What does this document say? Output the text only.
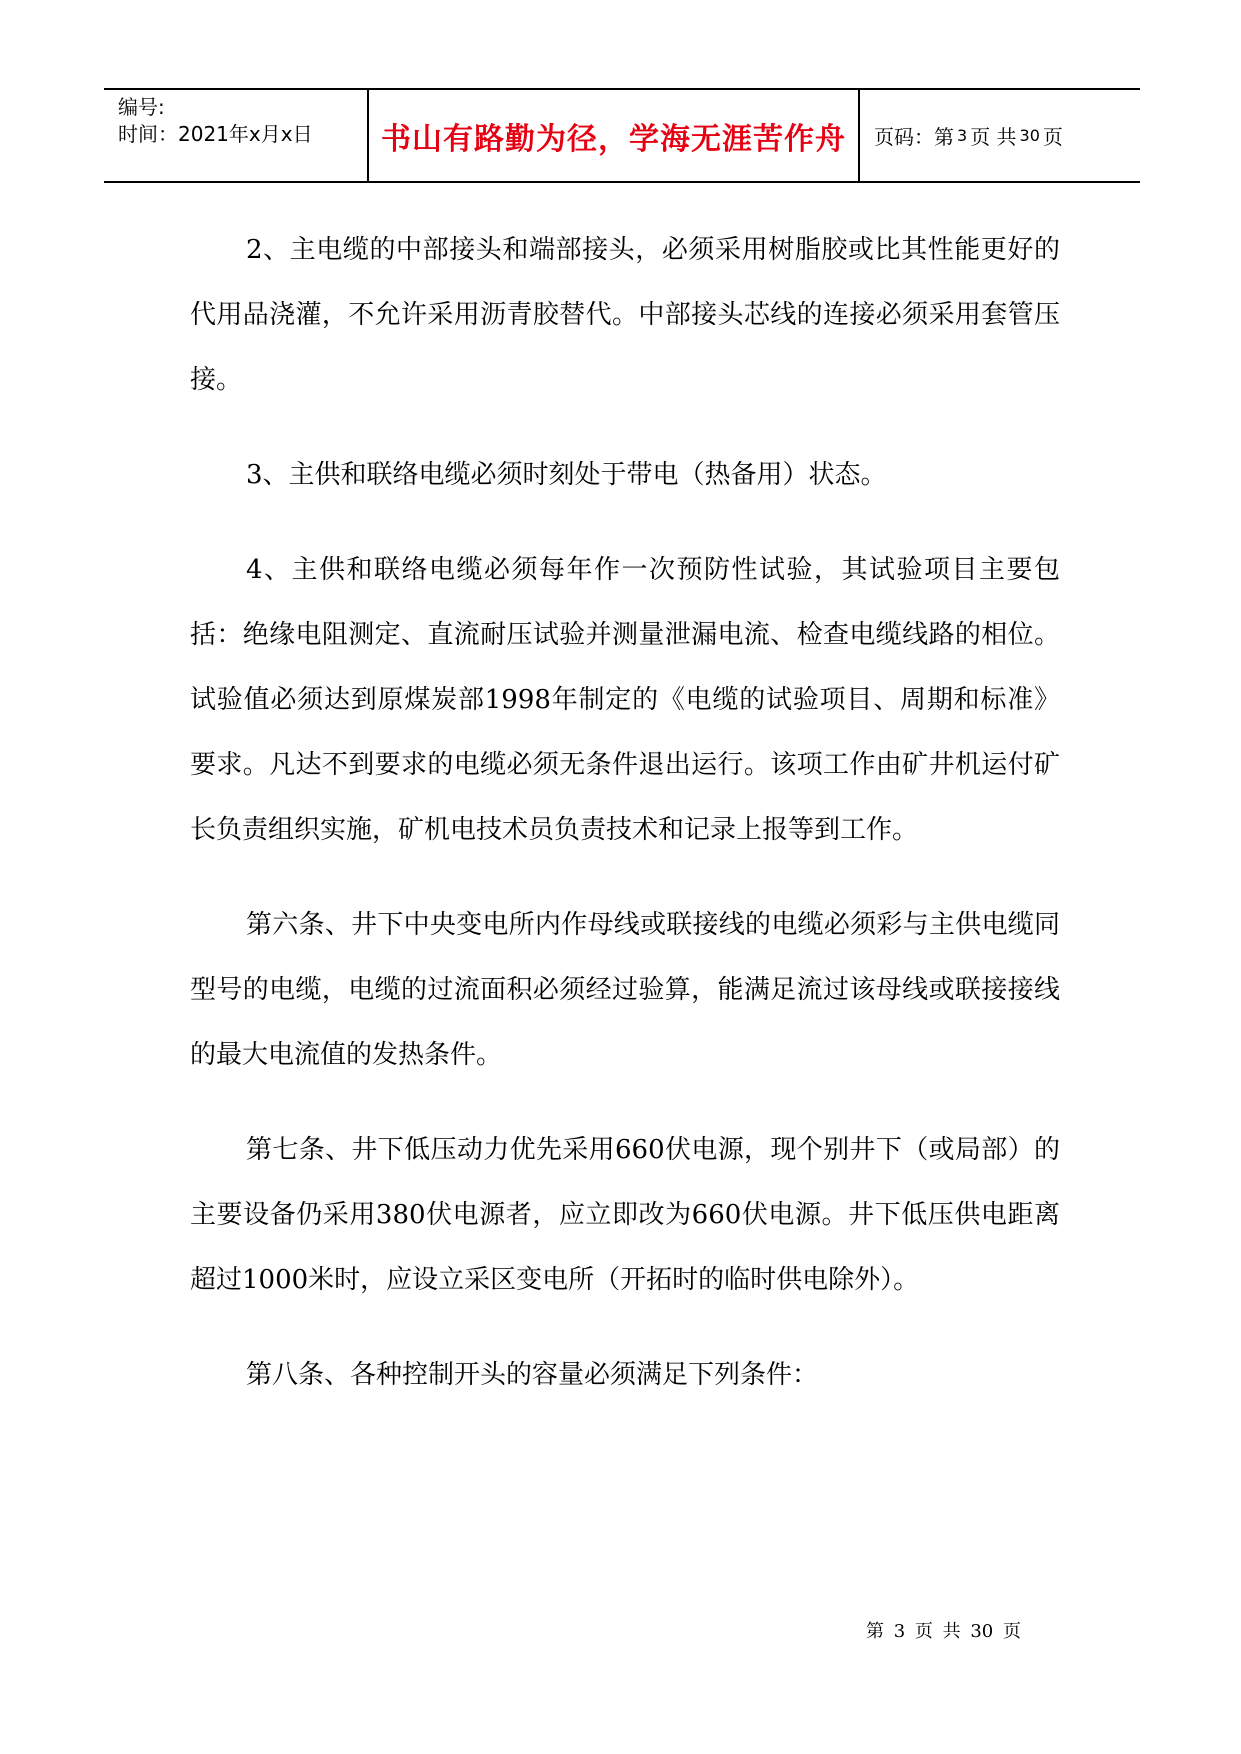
编号:
时间：2021年x月x日	书山有路勤为径，学海无涯苦作舟	页码：第 3 页 共 30 页

2、主电缆的中部接头和端部接头，必须采用树脂胶或比其性能更好的代用品浇灌，不允许采用沥青胶替代。中部接头芯线的连接必须采用套管压接。

3、主供和联络电缆必须时刻处于带电（热备用）状态。

4、主供和联络电缆必须每年作一次预防性试验，其试验项目主要包括：绝缘电阻测定、直流耐压试验并测量泄漏电流、检查电缆线路的相位。试验值必须达到原煤炭部1998年制定的《电缆的试验项目、周期和标准》要求。凡达不到要求的电缆必须无条件退出运行。该项工作由矿井机运付矿长负责组织实施，矿机电技术员负责技术和记录上报等到工作。

第六条、井下中央变电所内作母线或联接线的电缆必须彩与主供电缆同型号的电缆，电缆的过流面积必须经过验算，能满足流过该母线或联接接线的最大电流值的发热条件。

第七条、井下低压动力优先采用660伏电源，现个别井下（或局部）的主要设备仍采用380伏电源者，应立即改为660伏电源。井下低压供电距离超过1000米时，应设立采区变电所（开拓时的临时供电除外）。

第八条、各种控制开头的容量必须满足下列条件：

第 3 页 共 30 页
